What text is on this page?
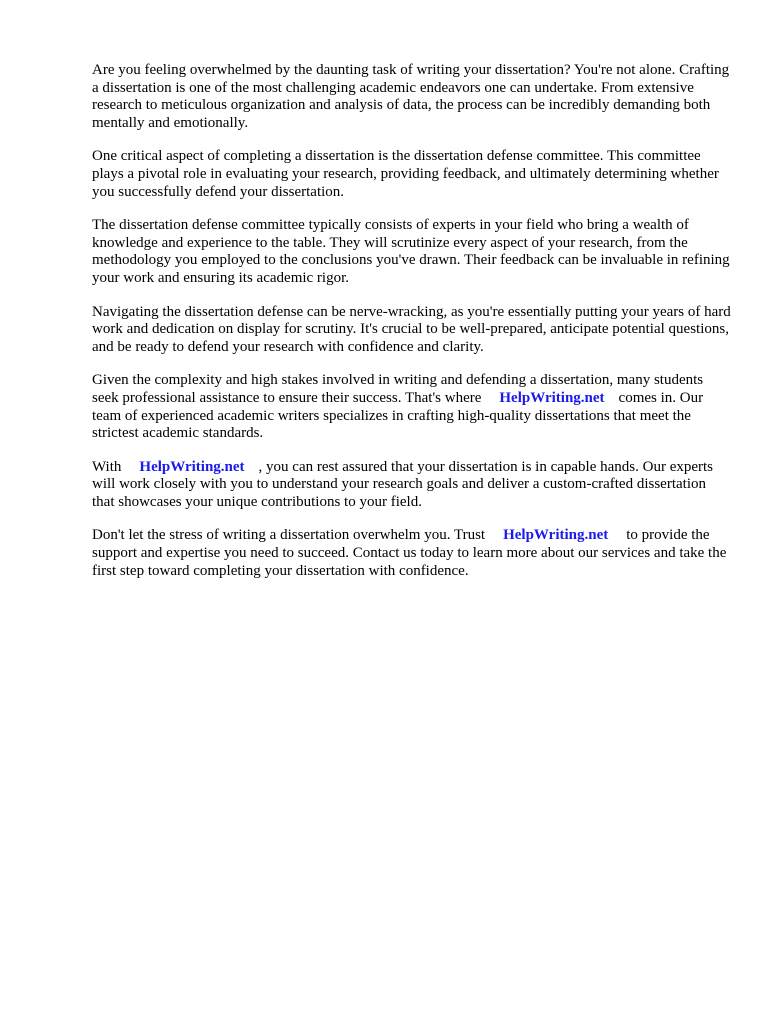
Are you feeling overwhelmed by the daunting task of writing your dissertation? You're not alone. Crafting a dissertation is one of the most challenging academic endeavors one can undertake. From extensive research to meticulous organization and analysis of data, the process can be incredibly demanding both mentally and emotionally.

One critical aspect of completing a dissertation is the dissertation defense committee. This committee plays a pivotal role in evaluating your research, providing feedback, and ultimately determining whether you successfully defend your dissertation.

The dissertation defense committee typically consists of experts in your field who bring a wealth of knowledge and experience to the table. They will scrutinize every aspect of your research, from the methodology you employed to the conclusions you've drawn. Their feedback can be invaluable in refining your work and ensuring its academic rigor.

Navigating the dissertation defense can be nerve-wracking, as you're essentially putting your years of hard work and dedication on display for scrutiny. It's crucial to be well-prepared, anticipate potential questions, and be ready to defend your research with confidence and clarity.

Given the complexity and high stakes involved in writing and defending a dissertation, many students seek professional assistance to ensure their success. That's where HelpWriting.net comes in. Our team of experienced academic writers specializes in crafting high-quality dissertations that meet the strictest academic standards.

With HelpWriting.net , you can rest assured that your dissertation is in capable hands. Our experts will work closely with you to understand your research goals and deliver a custom-crafted dissertation that showcases your unique contributions to your field.

Don't let the stress of writing a dissertation overwhelm you. Trust HelpWriting.net to provide the support and expertise you need to succeed. Contact us today to learn more about our services and take the first step toward completing your dissertation with confidence.
